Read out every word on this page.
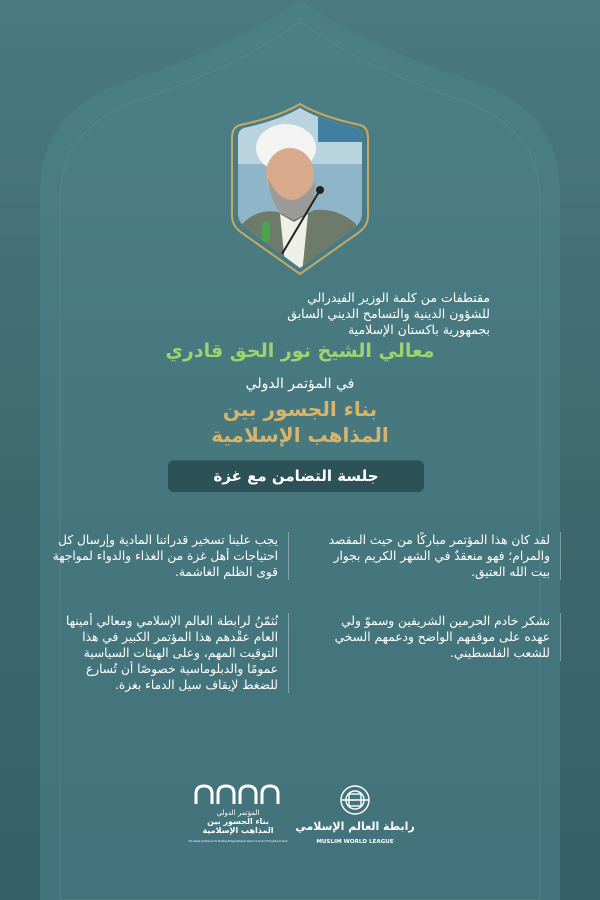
مقتطفات من كلمة الوزير الفيدرالي
للشؤون الدينية والتسامح الديني السابق
بجمهورية باكستان الإسلامية
معالي الشيخ نور الحق قادري
في المؤتمر الدولي
بناء الجسور بين
المذاهب الإسلامية
جلسة التضامن مع غزة
لقد كان هذا المؤتمر مباركًا من حيث المقصد والمرام؛ فهو منعقدٌ في الشهر الكريم بجوار بيت الله العتيق.
نشكر خادم الحرمين الشريفين وسموّ ولي عهده على موقفهم الواضح ودعمهم السخي للشعب الفلسطيني.
يجب علينا تسخير قدراتنا المادية وإرسال كل احتياجات أهل غزة من الغذاء والدواء لمواجهة قوى الظلم الغاشمة.
نُثمّنُ لرابطة العالم الإسلامي ومعالي أمينها العام عقْدهم هذا المؤتمر الكبير في هذا التوقيت المهم، وعلى الهيئات السياسية عمومًا والدبلوماسية خصوصًا أن تُسارع للضغط لإيقاف سيل الدماء بغزة.
المؤتمر الدولي
بناء الجسور بين
المذاهب الإسلامية
The Global Conference For Building Bridges Between Islamic Schools of Thought and Sects
رابطة العالم الإسلامي
MUSLIM WORLD LEAGUE
